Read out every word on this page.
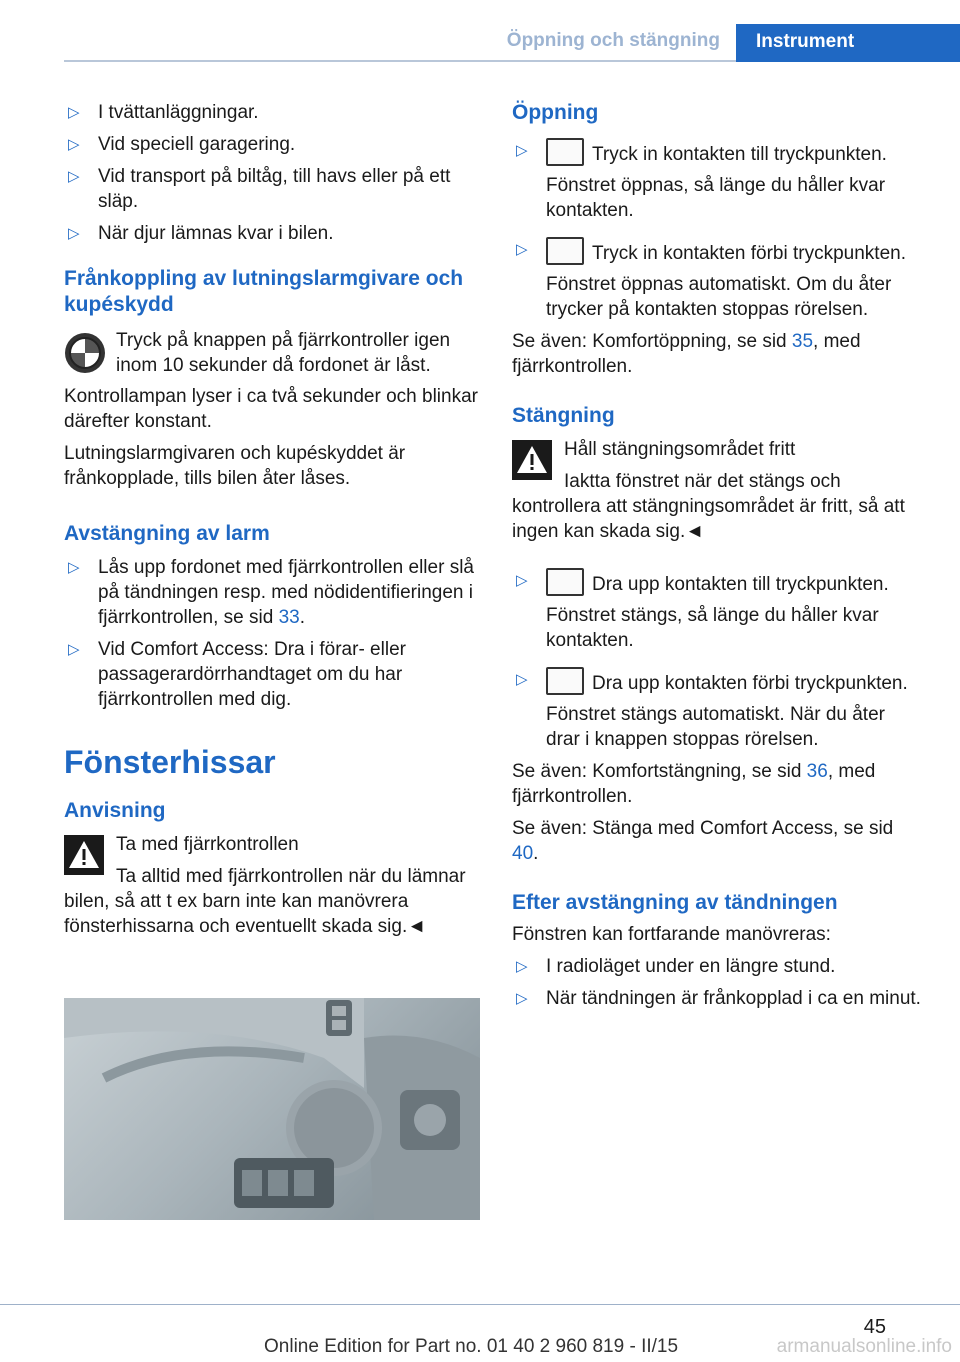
Öppning och stängning	Instrument
▷ I tvättanläggningar.
▷ Vid speciell garagering.
▷ Vid transport på biltåg, till havs eller på ett släp.
▷ När djur lämnas kvar i bilen.
Frånkoppling av lutningslarmgivare och kupéskydd
Tryck på knappen på fjärrkontroller igen inom 10 sekunder då fordonet är låst.
Kontrollampan lyser i ca två sekunder och blinkar därefter konstant.
Lutningslarmgivaren och kupéskyddet är frånkopplade, tills bilen åter låses.
Avstängning av larm
▷ Lås upp fordonet med fjärrkontrollen eller slå på tändningen resp. med nödidentifieringen i fjärrkontrollen, se sid 33.
▷ Vid Comfort Access: Dra i förar- eller passagerardörrhandtaget om du har fjärrkontrollen med dig.
Fönsterhissar
Anvisning
Ta med fjärrkontrollen
Ta alltid med fjärrkontrollen när du lämnar bilen, så att t ex barn inte kan manövrera fönsterhissarna och eventuellt skada sig.◄
Öppning
▷	Tryck in kontakten till tryckpunkten.
Fönstret öppnas, så länge du håller kvar kontakten.
▷	Tryck in kontakten förbi tryckpunkten.
Fönstret öppnas automatiskt. Om du åter trycker på kontakten stoppas rörelsen.
Se även: Komfortöppning, se sid 35, med fjärrkontrollen.
Stängning
Håll stängningsområdet fritt
Iaktta fönstret när det stängs och kontrollera att stängningsområdet är fritt, så att ingen kan skada sig.◄
▷	Dra upp kontakten till tryckpunkten.
Fönstret stängs, så länge du håller kvar kontakten.
▷	Dra upp kontakten förbi tryckpunkten.
Fönstret stängs automatiskt. När du åter drar i knappen stoppas rörelsen.
Se även: Komfortstängning, se sid 36, med fjärrkontrollen.
Se även: Stänga med Comfort Access, se sid 40.
Efter avstängning av tändningen
Fönstren kan fortfarande manövreras:
▷ I radioläget under en längre stund.
▷ När tändningen är frånkopplad i ca en minut.
45
Online Edition for Part no. 01 40 2 960 819 - II/15	armanualsonline.info
